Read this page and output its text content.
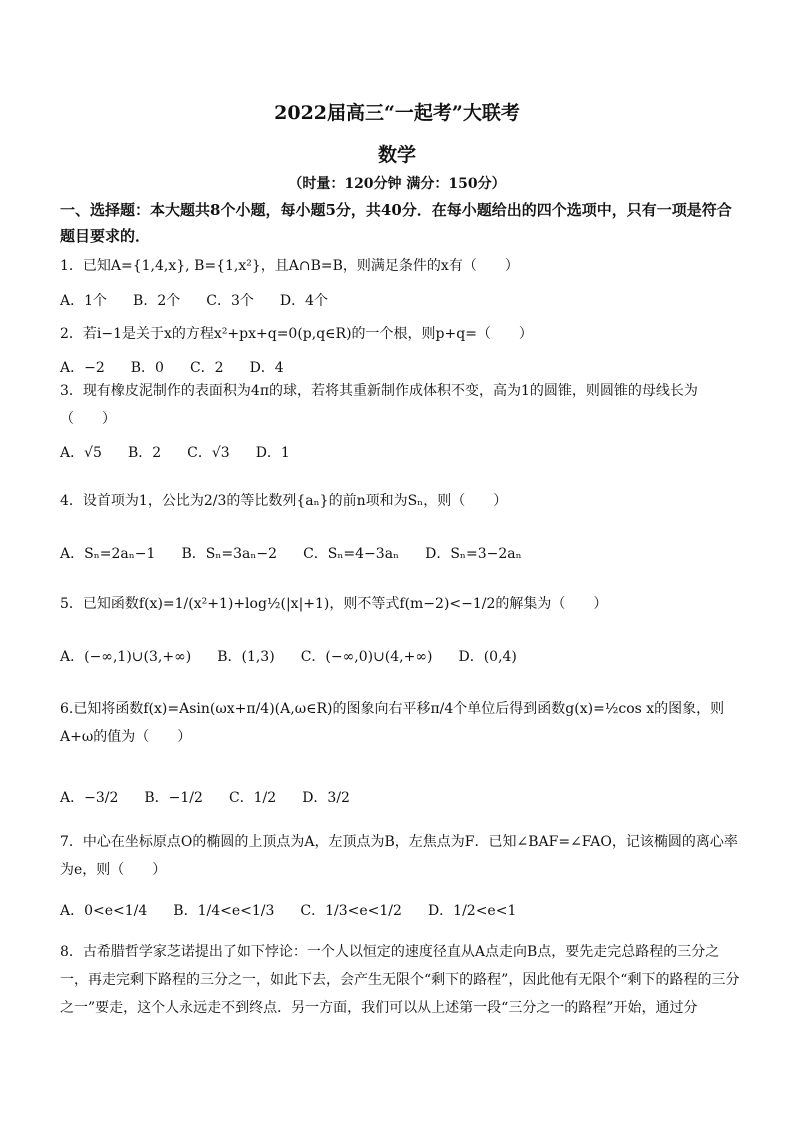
2022届高三“一起考”大联考
数学
（时量：120分钟 满分：150分）
一、选择题：本大题共8个小题，每小题5分，共40分．在每小题给出的四个选项中，只有一项是符合题目要求的．
1．已知A={1,4,x}, B={1,x²}，且A∩B=B，则满足条件的x有（　　）
A．1个 B．2个 C．3个 D．4个
2．若i−1是关于x的方程x²+px+q=0(p,q∈R)的一个根，则p+q=（　　）
A．−2 B．0 C．2 D．4
3．现有橡皮泥制作的表面积为4π的球，若将其重新制作成体积不变，高为1的圆锥，则圆锥的母线长为（　　）
A．√5 B．2 C．√3 D．1
4．设首项为1，公比为2/3的等比数列{aₙ}的前n项和为Sₙ，则（　　）
A．Sₙ=2aₙ−1 B．Sₙ=3aₙ−2 C．Sₙ=4−3aₙ D．Sₙ=3−2aₙ
5．已知函数f(x)=1/(x²+1)+log½(|x|+1)，则不等式f(m−2)<−1/2的解集为（　　）
A．(−∞,1)∪(3,+∞) B．(1,3) C．(−∞,0)∪(4,+∞) D．(0,4)
6.已知将函数f(x)=Asin(ωx+π/4)(A,ω∈R)的图象向右平移π/4个单位后得到函数g(x)=½cos x的图象，则A+ω的值为（　　）
A．−3/2 B．−1/2 C．1/2 D．3/2
7．中心在坐标原点O的椭圆的上顶点为A，左顶点为B，左焦点为F．已知∠BAF=∠FAO，记该椭圆的离心率为e，则（　　）
A．0<e<1/4 B．1/4<e<1/3 C．1/3<e<1/2 D．1/2<e<1
8．古希腊哲学家芝诺提出了如下悖论：一个人以恒定的速度径直从A点走向B点，要先走完总路程的三分之一，再走完剩下路程的三分之一，如此下去，会产生无限个“剩下的路程”，因此他有无限个“剩下的路程的三分之一”要走，这个人永远走不到终点．另一方面，我们可以从上述第一段“三分之一的路程”开始，通过分
